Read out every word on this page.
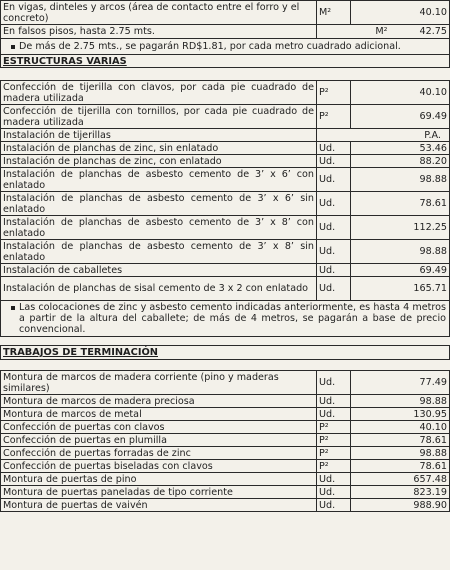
En vigas, dinteles y arcos (área de contacto entre el forro y el concreto)	M²	40.10
En falsos pisos, hasta 2.75 mts.	M² 42.75	

De más de 2.75 mts., se pagarán RD$1.81, por cada metro cuadrado adicional.		

ESTRUCTURAS VARIAS		

Confección de tijerilla con clavos, por cada pie cuadrado de madera utilizada	P²	40.10
Confección de tijerilla con tornillos, por cada pie cuadrado de madera utilizada	P²	69.49
Instalación de tijerillas	P.A.	
Instalación de planchas de zinc, sin enlatado	Ud.	53.46
Instalación de planchas de zinc, con enlatado	Ud.	88.20
Instalación de planchas de asbesto cemento de 3’ x 6’ con enlatado	Ud.	98.88
Instalación de planchas de asbesto cemento de 3’ x 6’ sin enlatado	Ud.	78.61
Instalación de planchas de asbesto cemento de 3’ x 8’ con enlatado	Ud.	112.25
Instalación de planchas de asbesto cemento de 3’ x 8’ sin enlatado	Ud.	98.88
Instalación de caballetes	Ud.	69.49
Instalación de planchas de sisal cemento de 3 x 2 con enlatado	Ud.	165.71

Las colocaciones de zinc y asbesto cemento indicadas anteriormente, es hasta 4 metros a partir de la altura del caballete; de más de 4 metros, se pagarán a base de precio convencional.		

TRABAJOS DE TERMINACIÓN		

Montura de marcos de madera corriente (pino y maderas similares)	Ud.	77.49
Montura de marcos de madera preciosa	Ud.	98.88
Montura de marcos de metal	Ud.	130.95
Confección de puertas con clavos	P²	40.10
Confección de puertas en plumilla	P²	78.61
Confección de puertas forradas de zinc	P²	98.88
Confección de puertas biseladas con clavos	P²	78.61
Montura de puertas de pino	Ud.	657.48
Montura de puertas paneladas de tipo corriente	Ud.	823.19
Montura de puertas de vaivén	Ud.	988.90
